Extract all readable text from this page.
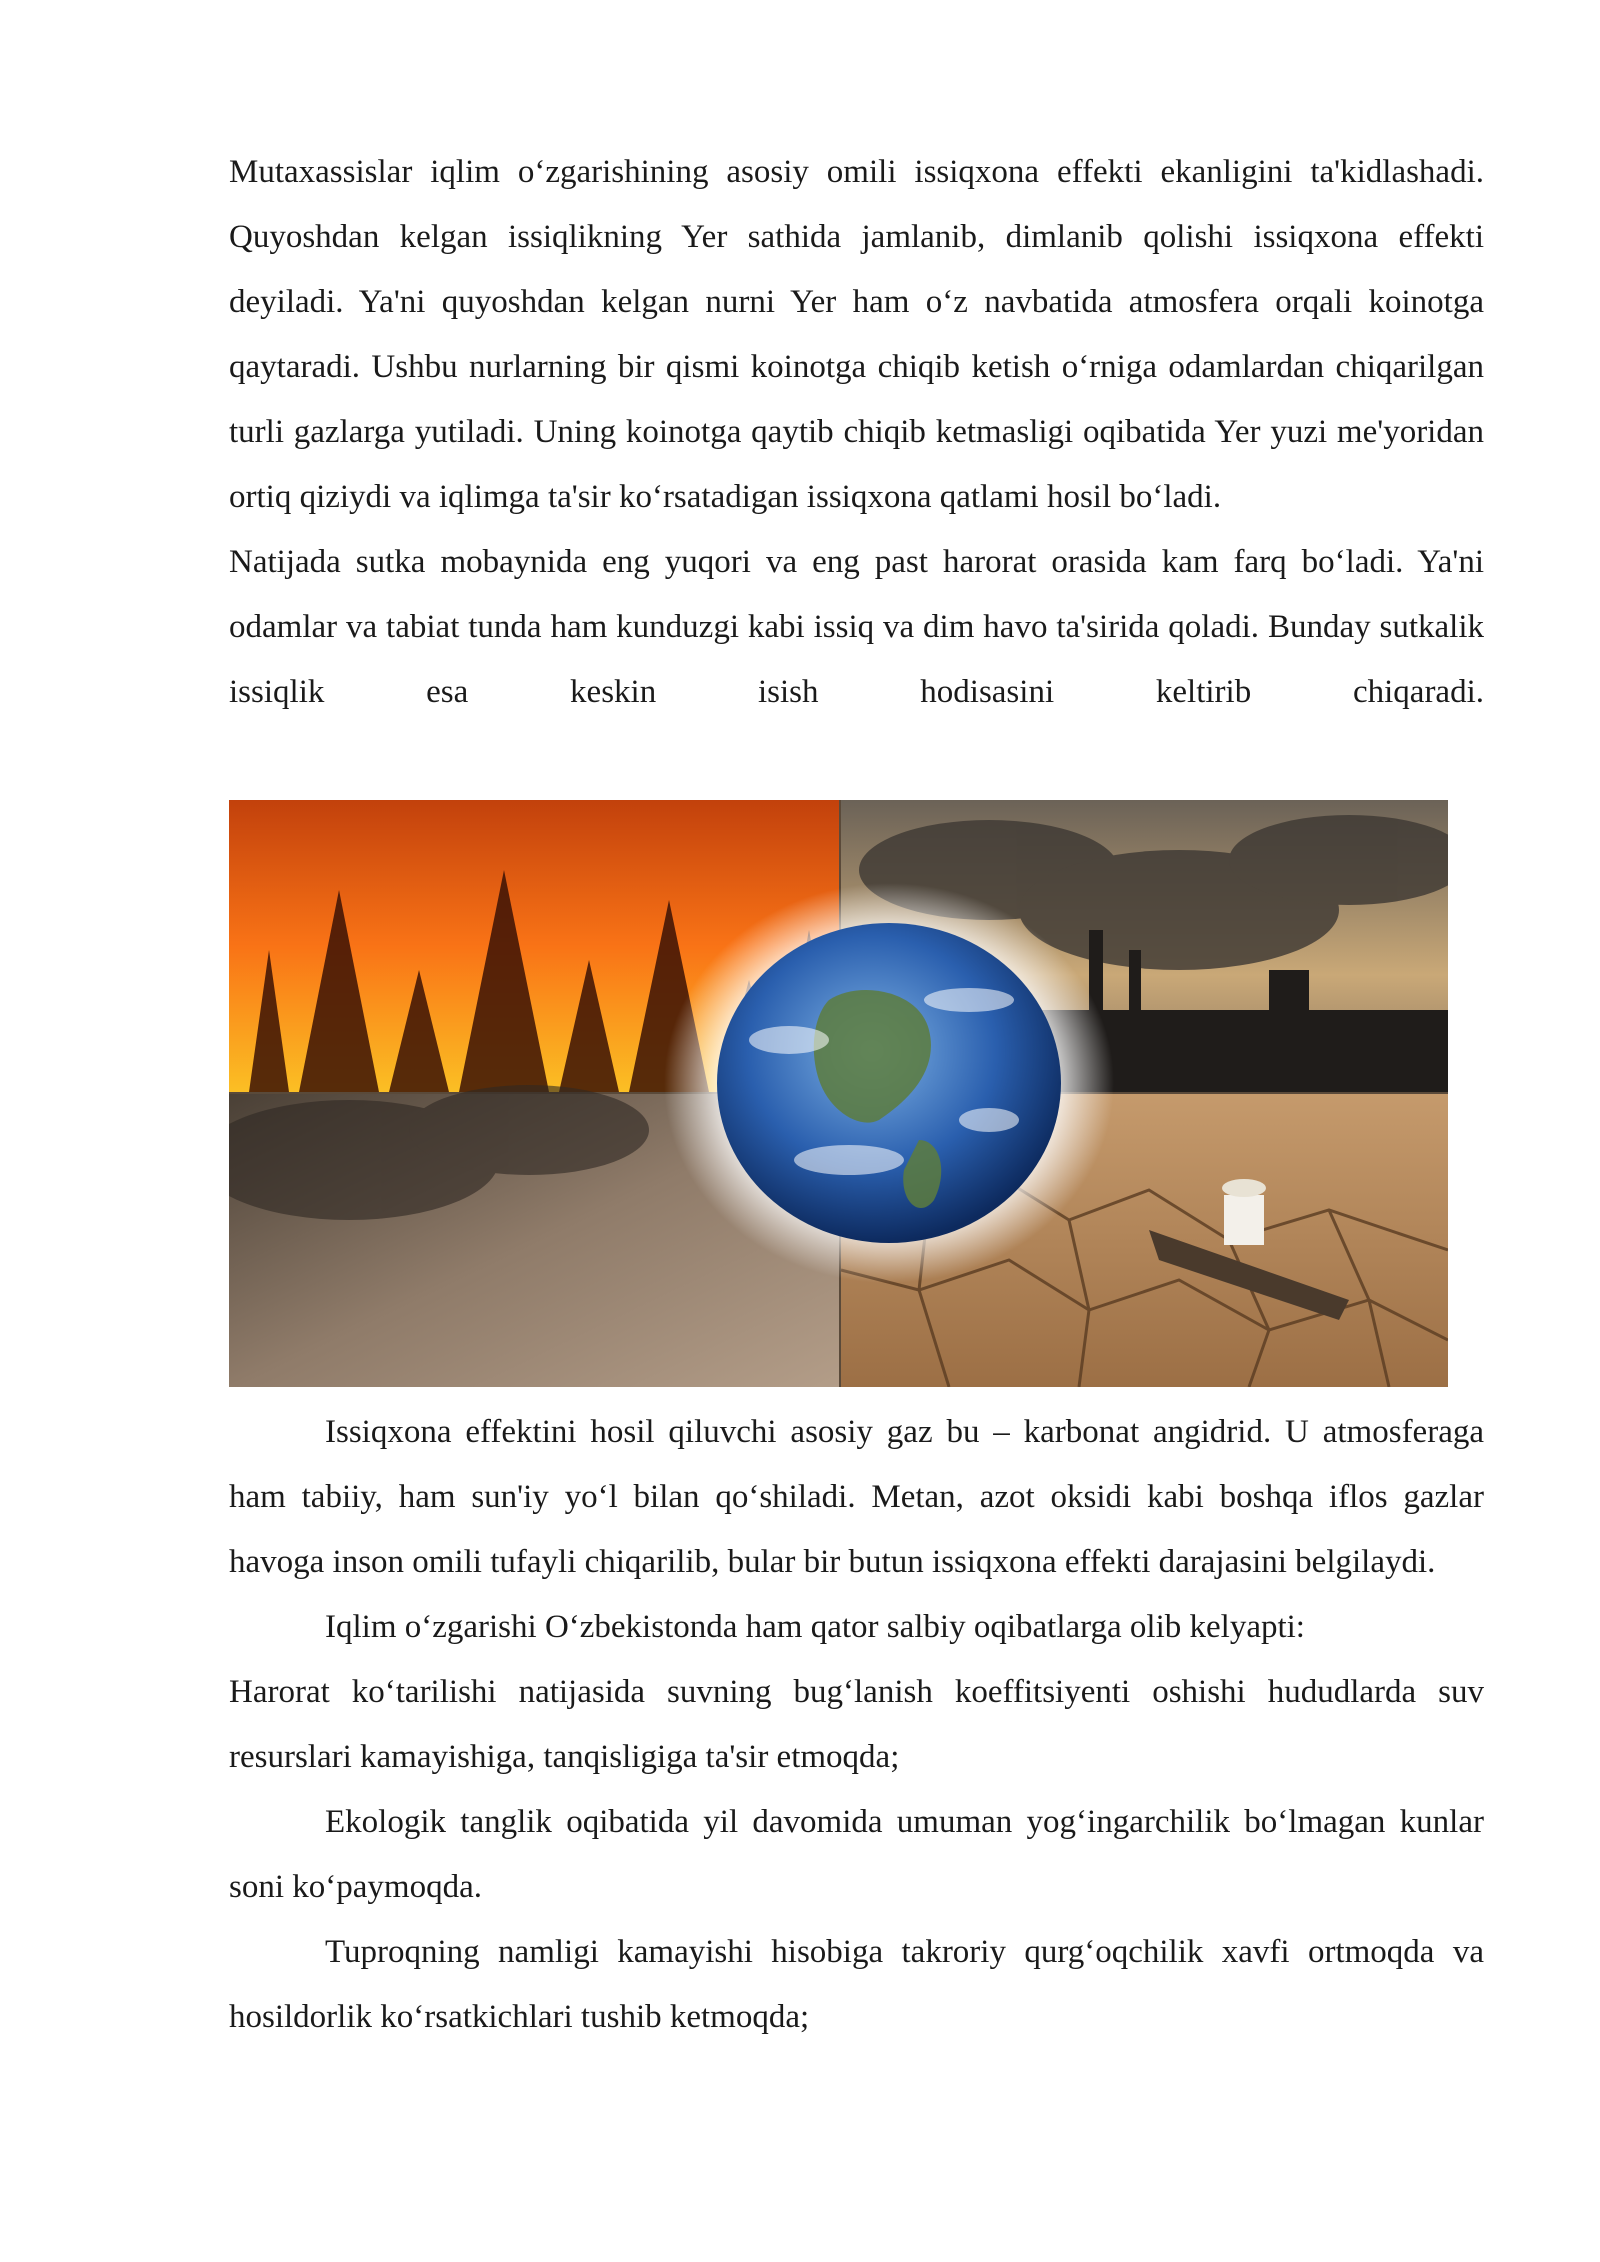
Mutaxassislar iqlim o‘zgarishining asosiy omili issiqxona effekti ekanligini ta'kidlashadi. Quyoshdan kelgan issiqlikning Yer sathida jamlanib, dimlanib qolishi issiqxona effekti deyiladi. Ya'ni quyoshdan kelgan nurni Yer ham o‘z navbatida atmosfera orqali koinotga qaytaradi. Ushbu nurlarning bir qismi koinotga chiqib ketish o‘rniga odamlardan chiqarilgan turli gazlarga yutiladi. Uning koinotga qaytib chiqib ketmasligi oqibatida Yer yuzi me'yoridan ortiq qiziydi va iqlimga ta'sir ko‘rsatadigan issiqxona qatlami hosil bo‘ladi.

Natijada sutka mobaynida eng yuqori va eng past harorat orasida kam farq bo‘ladi. Ya'ni odamlar va tabiat tunda ham kunduzgi kabi issiq va dim havo ta'sirida qoladi. Bunday sutkalik issiqlik esa keskin isish hodisasini keltirib chiqaradi.

Issiqxona effektini hosil qiluvchi asosiy gaz bu – karbonat angidrid. U atmosferaga ham tabiiy, ham sun'iy yo‘l bilan qo‘shiladi. Metan, azot oksidi kabi boshqa iflos gazlar havoga inson omili tufayli chiqarilib, bular bir butun issiqxona effekti darajasini belgilaydi.

Iqlim o‘zgarishi O‘zbekistonda ham qator salbiy oqibatlarga olib kelyapti:

Harorat ko‘tarilishi natijasida suvning bug‘lanish koeffitsiyenti oshishi hududlarda suv resurslari kamayishiga, tanqisligiga ta'sir etmoqda;

Ekologik tanglik oqibatida yil davomida umuman yog‘ingarchilik bo‘lmagan kunlar soni ko‘paymoqda.

Tuproqning namligi kamayishi hisobiga takroriy qurg‘oqchilik xavfi ortmoqda va hosildorlik ko‘rsatkichlari tushib ketmoqda;
